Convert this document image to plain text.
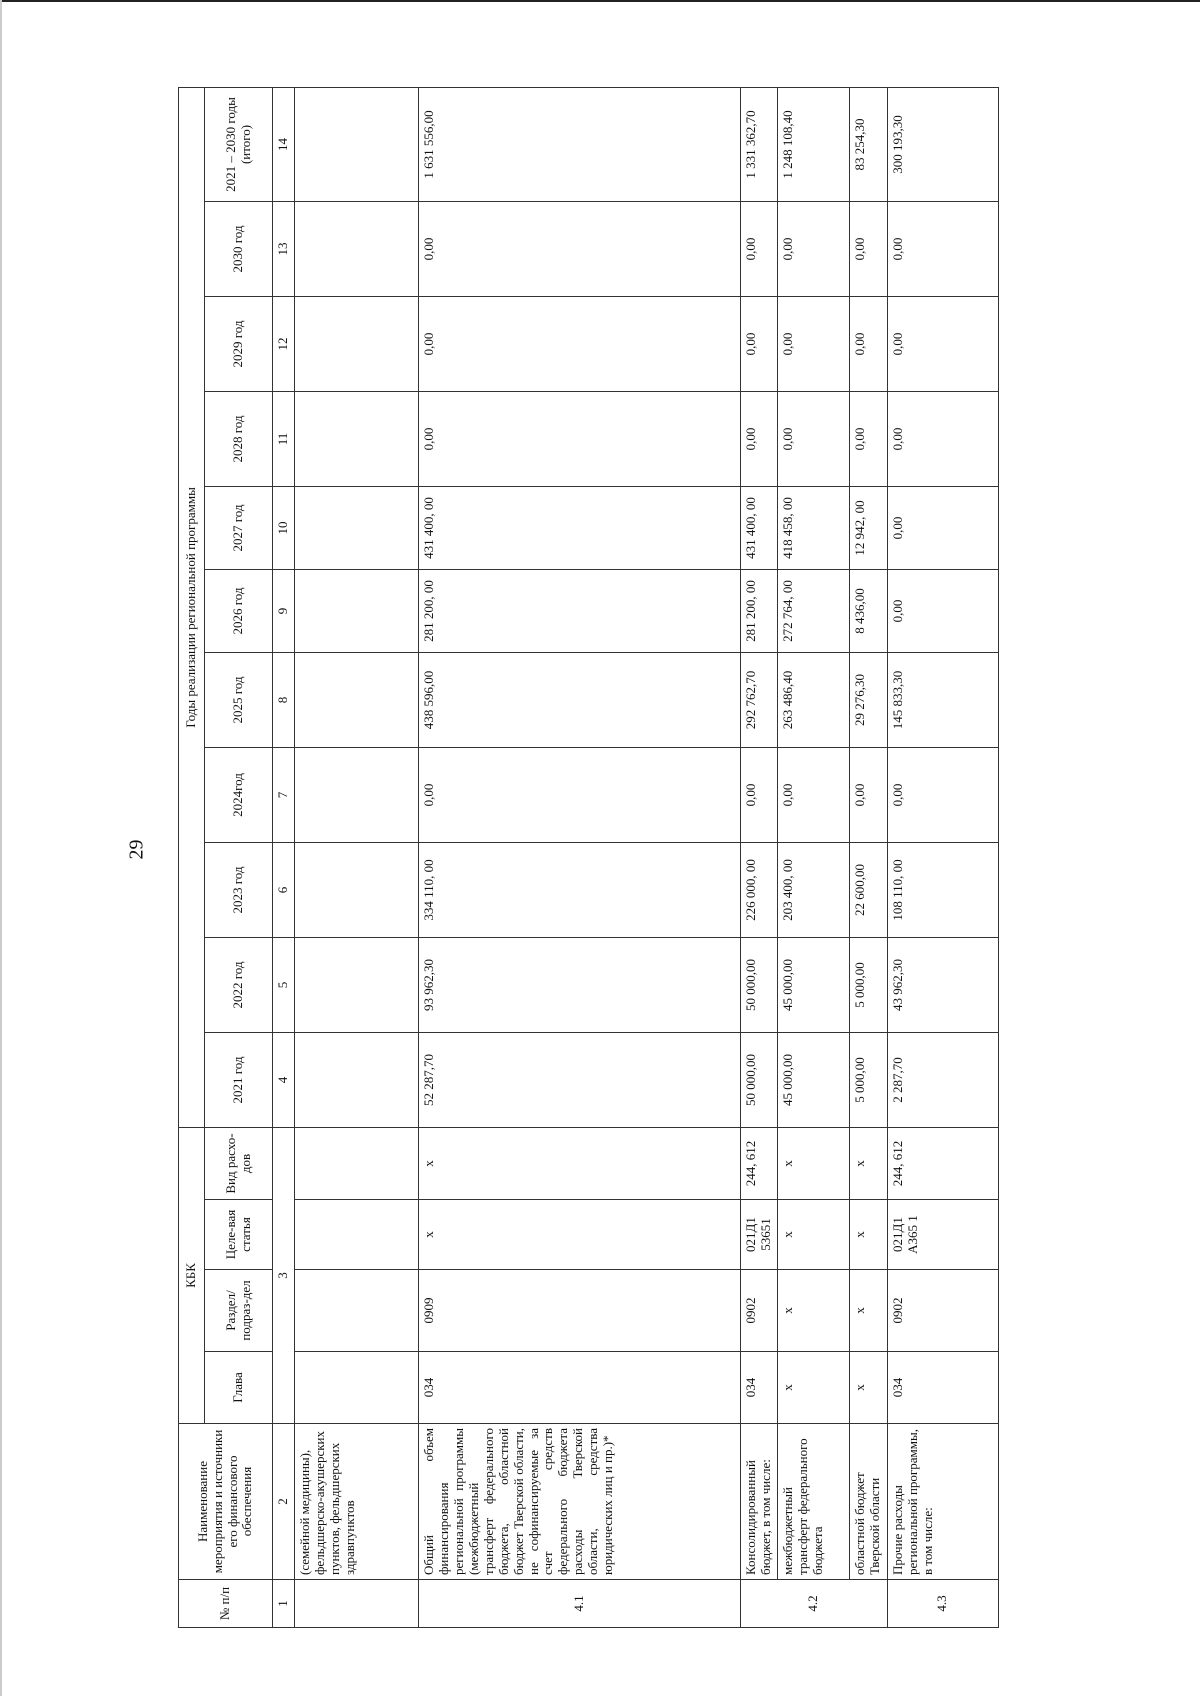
29
№ п/п	Наименование мероприятия и источники его финансового обеспечения	КБК				Годы реализации региональной программы										
		Глава	Раздел/ подраз-дел	Целе-вая статья	Вид расхо-дов	2021 год	2022 год	2023 год	2024год	2025 год	2026 год	2027 год	2028 год	2029 год	2030 год	2021 – 2030 годы (итого)
1	2	3				4	5	6	7	8	9	10	11	12	13	14
	(семейной медицины), фельдшерско-акушерских пунктов, фельдшерских здравпунктов															
4.1	Общий объем финансирования региональной программы (межбюджетный трансферт федерального бюджета, областной бюджет Тверской области, не софинансируемые за счет средств федерального бюджета расходы Тверской области, средства юридических лиц и пр.)*	034	0909	х	х	52 287,70	93 962,30	334 110, 00	0,00	438 596,00	281 200, 00	431 400, 00	0,00	0,00	0,00	1 631 556,00
4.2	Консолидированный бюджет, в том числе:	034	0902	021Д1 53651	244, 612	50 000,00	50 000,00	226 000, 00	0,00	292 762,70	281 200, 00	431 400, 00	0,00	0,00	0,00	1 331 362,70
	межбюджетный трансферт федерального бюджета	х	х	х	х	45 000,00	45 000,00	203 400, 00	0,00	263 486,40	272 764, 00	418 458, 00	0,00	0,00	0,00	1 248 108,40
	областной бюджет Тверской области	х	х	х	х	5 000,00	5 000,00	22 600,00	0,00	29 276,30	8 436,00	12 942, 00	0,00	0,00	0,00	83 254,30
4.3	Прочие расходы региональной программы, в том числе:	034	0902	021Д1 А365 1	244, 612	2 287,70	43 962,30	108 110, 00	0,00	145 833,30	0,00	0,00	0,00	0,00	0,00	300 193,30
